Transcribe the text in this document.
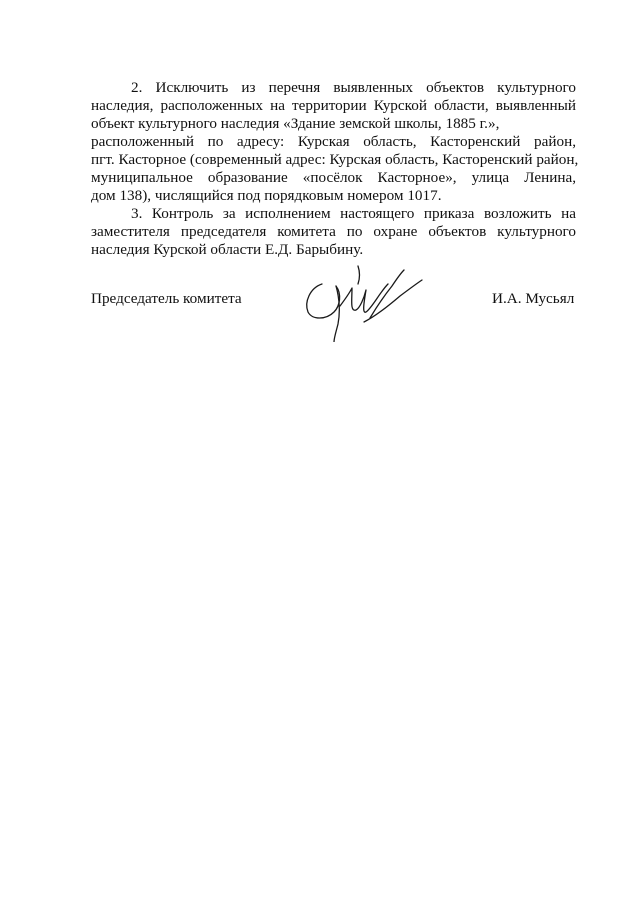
2. Исключить из перечня выявленных объектов культурного
наследия, расположенных на территории Курской области, выявленный
объект культурного наследия «Здание земской школы, 1885 г.»,
расположенный по адресу: Курская область, Касторенский район,
пгт. Касторное (современный адрес: Курская область, Касторенский район,
муниципальное образование «посёлок Касторное», улица Ленина,
дом 138), числящийся под порядковым номером 1017.
3. Контроль за исполнением настоящего приказа возложить на
заместителя председателя комитета по охране объектов культурного
наследия Курской области Е.Д. Барыбину.
Председатель комитета	И.А. Мусьял
